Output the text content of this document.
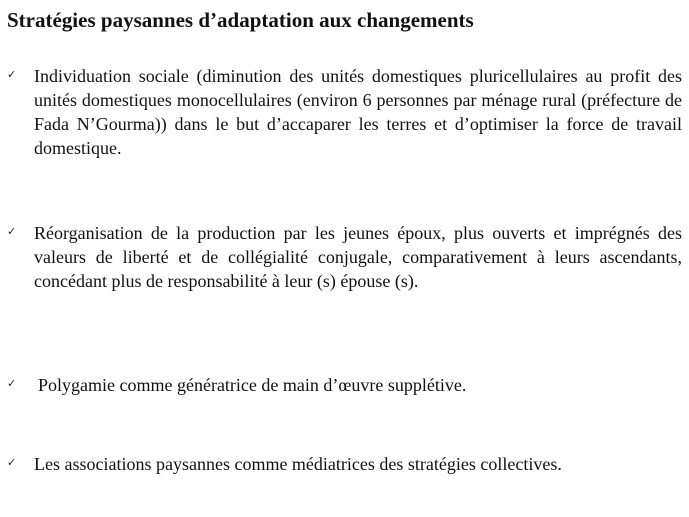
Stratégies paysannes d’adaptation aux changements
✓ Individuation sociale (diminution des unités domestiques pluricellulaires au profit des unités domestiques monocellulaires (environ 6 personnes par ménage rural (préfecture de Fada N’Gourma)) dans le but d’accaparer les terres et d’optimiser la force de travail domestique.
✓ Réorganisation de la production par les jeunes époux, plus ouverts et imprégnés des valeurs de liberté et de collégialité conjugale, comparativement à leurs ascendants, concédant plus de responsabilité à leur (s) épouse (s).
✓ Polygamie comme génératrice de main d’œuvre supplétive.
✓ Les associations paysannes comme médiatrices des stratégies collectives.
